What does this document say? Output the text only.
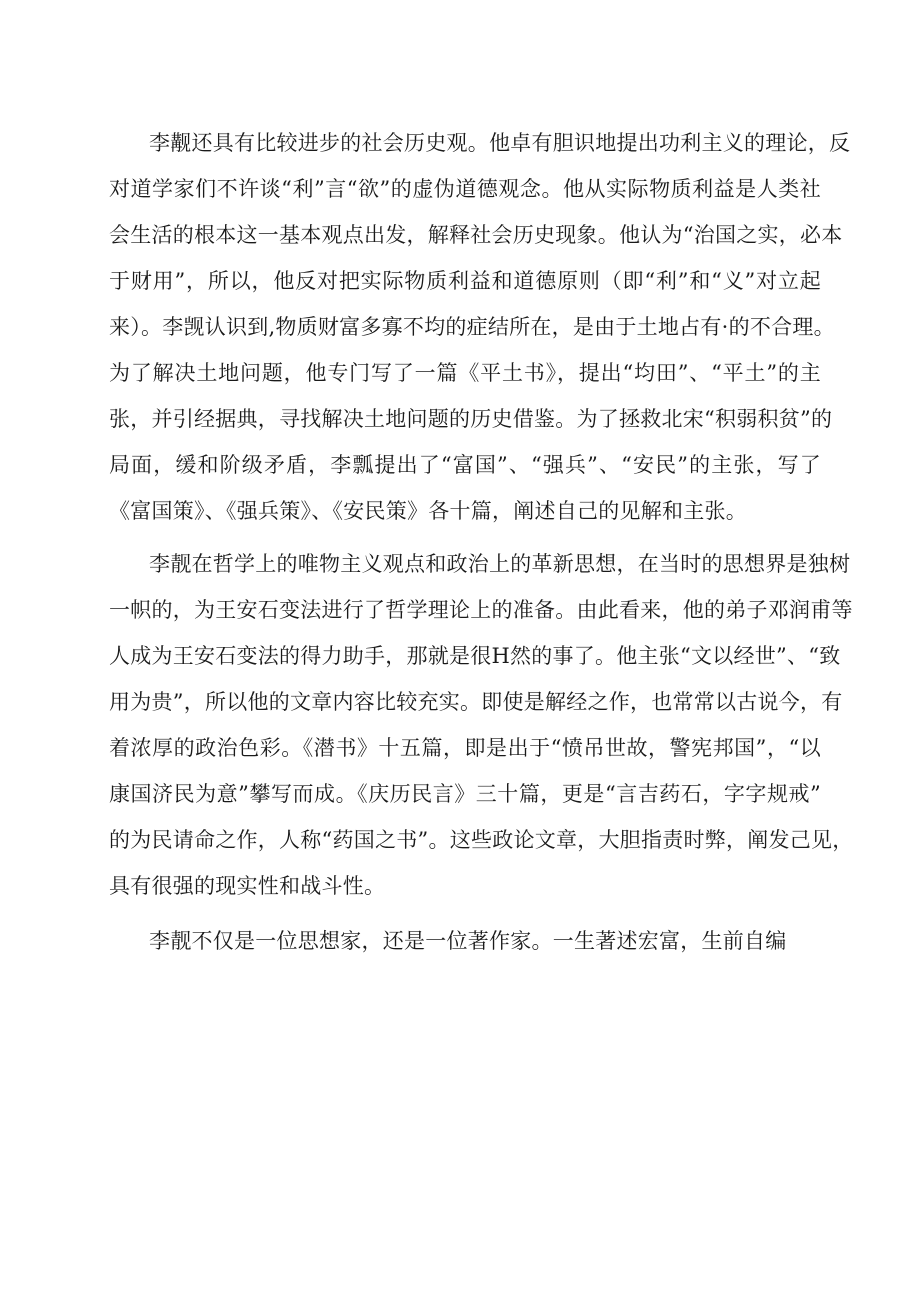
李觏还具有比较进步的社会历史观。他卓有胆识地提出功利主义的理论，反
对道学家们不许谈“利”言“欲”的虚伪道德观念。他从实际物质利益是人类社
会生活的根本这一基本观点出发，解释社会历史现象。他认为“治国之实，必本
于财用”，所以，他反对把实际物质利益和道德原则（即“利”和“义”对立起
来）。李觊认识到,物质财富多寡不均的症结所在，是由于土地占有·的不合理。
为了解决土地问题，他专门写了一篇《平土书》，提出“均田”、“平土”的主
张，并引经据典，寻找解决土地问题的历史借鉴。为了拯救北宋“积弱积贫”的
局面，缓和阶级矛盾，李瓢提出了“富国”、“强兵”、“安民”的主张，写了
《富国策》、《强兵策》、《安民策》各十篇，阐述自己的见解和主张。
李靓在哲学上的唯物主义观点和政治上的革新思想，在当时的思想界是独树
一帜的，为王安石变法进行了哲学理论上的准备。由此看来，他的弟子邓润甫等
人成为王安石变法的得力助手，那就是很H然的事了。他主张“文以经世”、“致
用为贵”，所以他的文章内容比较充实。即使是解经之作，也常常以古说今，有
着浓厚的政治色彩。《潜书》十五篇，即是出于“愤吊世故，警宪邦国”，“以
康国济民为意”攀写而成。《庆历民言》三十篇，更是“言吉药石，字字规戒”
的为民请命之作，人称“药国之书”。这些政论文章，大胆指责时弊，阐发己见，
具有很强的现实性和战斗性。
李靓不仅是一位思想家，还是一位著作家。一生著述宏富，生前自编
